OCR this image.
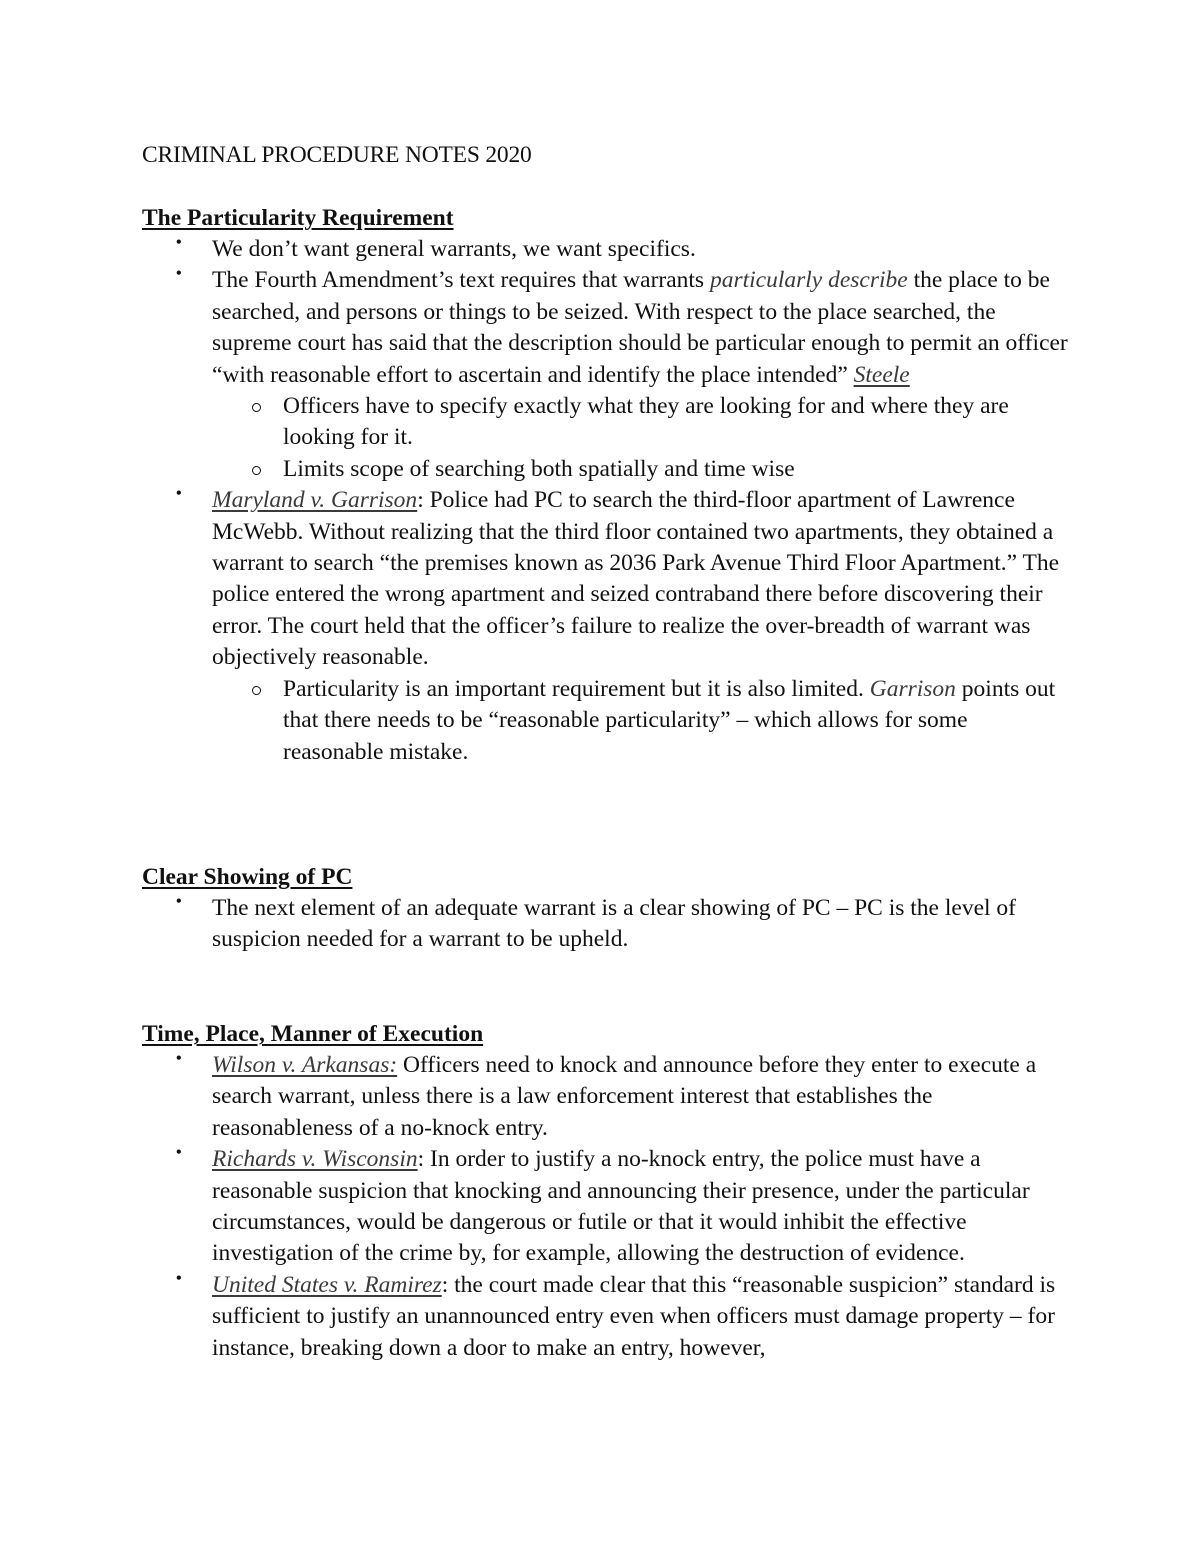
CRIMINAL PROCEDURE NOTES 2020
The Particularity Requirement
• We don’t want general warrants, we want specifics.
• The Fourth Amendment’s text requires that warrants particularly describe the place to be searched, and persons or things to be seized. With respect to the place searched, the supreme court has said that the description should be particular enough to permit an officer “with reasonable effort to ascertain and identify the place intended” Steele
Officers have to specify exactly what they are looking for and where they are looking for it.
Limits scope of searching both spatially and time wise
• Maryland v. Garrison: Police had PC to search the third-floor apartment of Lawrence McWebb. Without realizing that the third floor contained two apartments, they obtained a warrant to search “the premises known as 2036 Park Avenue Third Floor Apartment.” The police entered the wrong apartment and seized contraband there before discovering their error. The court held that the officer’s failure to realize the over-breadth of warrant was objectively reasonable.
Particularity is an important requirement but it is also limited. Garrison points out that there needs to be “reasonable particularity” – which allows for some reasonable mistake.
Clear Showing of PC
• The next element of an adequate warrant is a clear showing of PC – PC is the level of suspicion needed for a warrant to be upheld.
Time, Place, Manner of Execution
• Wilson v. Arkansas: Officers need to knock and announce before they enter to execute a search warrant, unless there is a law enforcement interest that establishes the reasonableness of a no-knock entry.
• Richards v. Wisconsin: In order to justify a no-knock entry, the police must have a reasonable suspicion that knocking and announcing their presence, under the particular circumstances, would be dangerous or futile or that it would inhibit the effective investigation of the crime by, for example, allowing the destruction of evidence.
• United States v. Ramirez: the court made clear that this “reasonable suspicion” standard is sufficient to justify an unannounced entry even when officers must damage property – for instance, breaking down a door to make an entry, however,
